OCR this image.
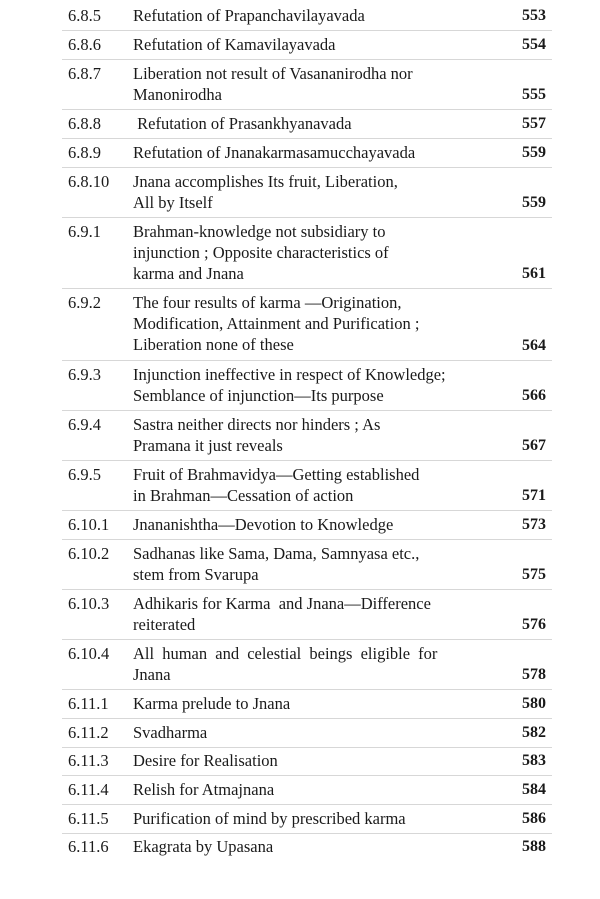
6.8.5 Refutation of Prapanchavilayavada	553
6.8.6 Refutation of Kamavilayavada	554
6.8.7 Liberation not result of Vasananirodha nor
Manonirodha	555
6.8.8 Refutation of Prasankhyanavada	557
6.8.9 Refutation of Jnanakarmasamucchayavada	559
6.8.10 Jnana accomplishes Its fruit, Liberation,
All by Itself	559
6.9.1 Brahman-knowledge not subsidiary to
injunction ; Opposite characteristics of
karma and Jnana	561
6.9.2 The four results of karma —Origination,
Modification, Attainment and Purification ;
Liberation none of these	564
6.9.3 Injunction ineffective in respect of Knowledge;
Semblance of injunction—Its purpose	566
6.9.4 Sastra neither directs nor hinders ; As
Pramana it just reveals	567
6.9.5 Fruit of Brahmavidya—Getting established
in Brahman—Cessation of action	571
6.10.1 Jnananishtha—Devotion to Knowledge	573
6.10.2 Sadhanas like Sama, Dama, Samnyasa etc.,
stem from Svarupa	575
6.10.3 Adhikaris for Karma  and Jnana—Difference
reiterated	576
6.10.4 All human and celestial beings eligible for
Jnana	578
6.11.1 Karma prelude to Jnana	580
6.11.2 Svadharma	582
6.11.3 Desire for Realisation	583
6.11.4 Relish for Atmajnana	584
6.11.5 Purification of mind by prescribed karma	586
6.11.6 Ekagrata by Upasana	588
